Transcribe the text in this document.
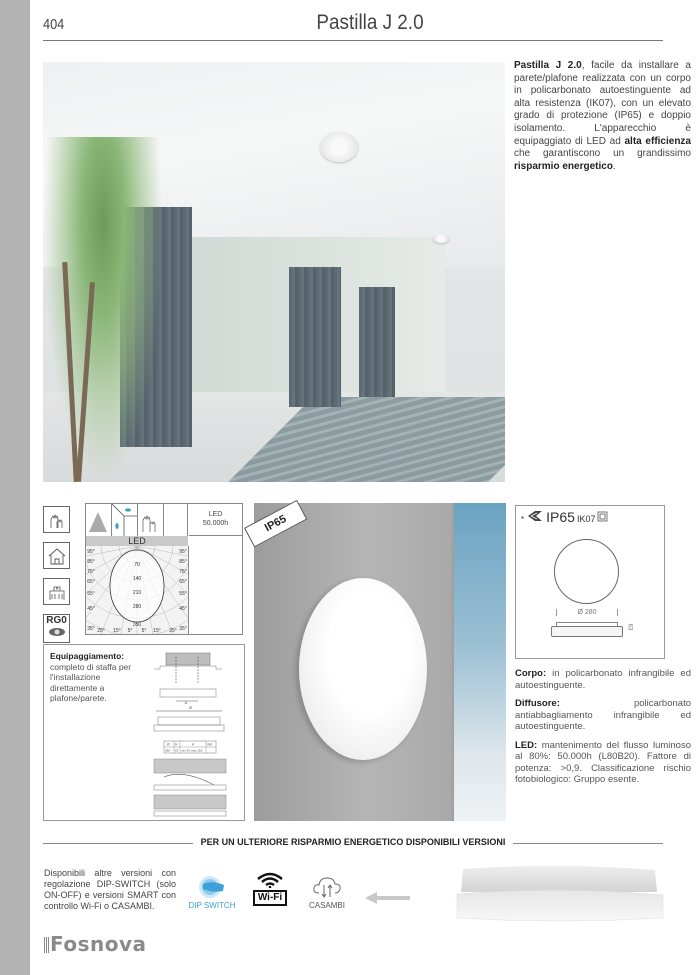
404	Pastilla J 2.0
Pastilla J 2.0, facile da installare a parete/plafone realizzata con un corpo in policarbonato autoestinguente ad alta resistenza (IK07), con un elevato grado di protezione (IP65) e doppio isolamento. L'apparecchio è equipaggiato di LED ad alta efficienza che garantiscono un grandissimo risparmio energetico.
RG0
LED
LED
50.000h
70
140
210
280
350
95°
85°
75°
65°
55°
45°
35°
95°
85°
75°
65°
55°
45°
35°
25° 15° 5° 5° 15° 25°
Equipaggiamento: completo di staffa per l'installazione direttamente a plafone/parete.	A
Ø
Ø H	A	mm
280 63 min 92-max 118
IP65	* IP65 IK07
Ø 280
63

Corpo: in policarbonato infrangibile ed autoestinguente.

Diffusore: policarbonato antiabbagliamento infrangibile ed autoestinguente.

LED: mantenimento del flusso luminoso al 80%: 50.000h (L80B20). Fattore di potenza: >0,9. Classificazione rischio fotobiologico: Gruppo esente.

PER UN ULTERIORE RISPARMIO ENERGETICO DISPONIBILI VERSIONI
Disponibili altre versioni con regolazione DIP-SWITCH (solo ON-OFF) e versioni SMART con controllo Wi-Fi o CASAMBI.	DIP SWITCH
Wi-Fi
CASAMBI
Fosnova
